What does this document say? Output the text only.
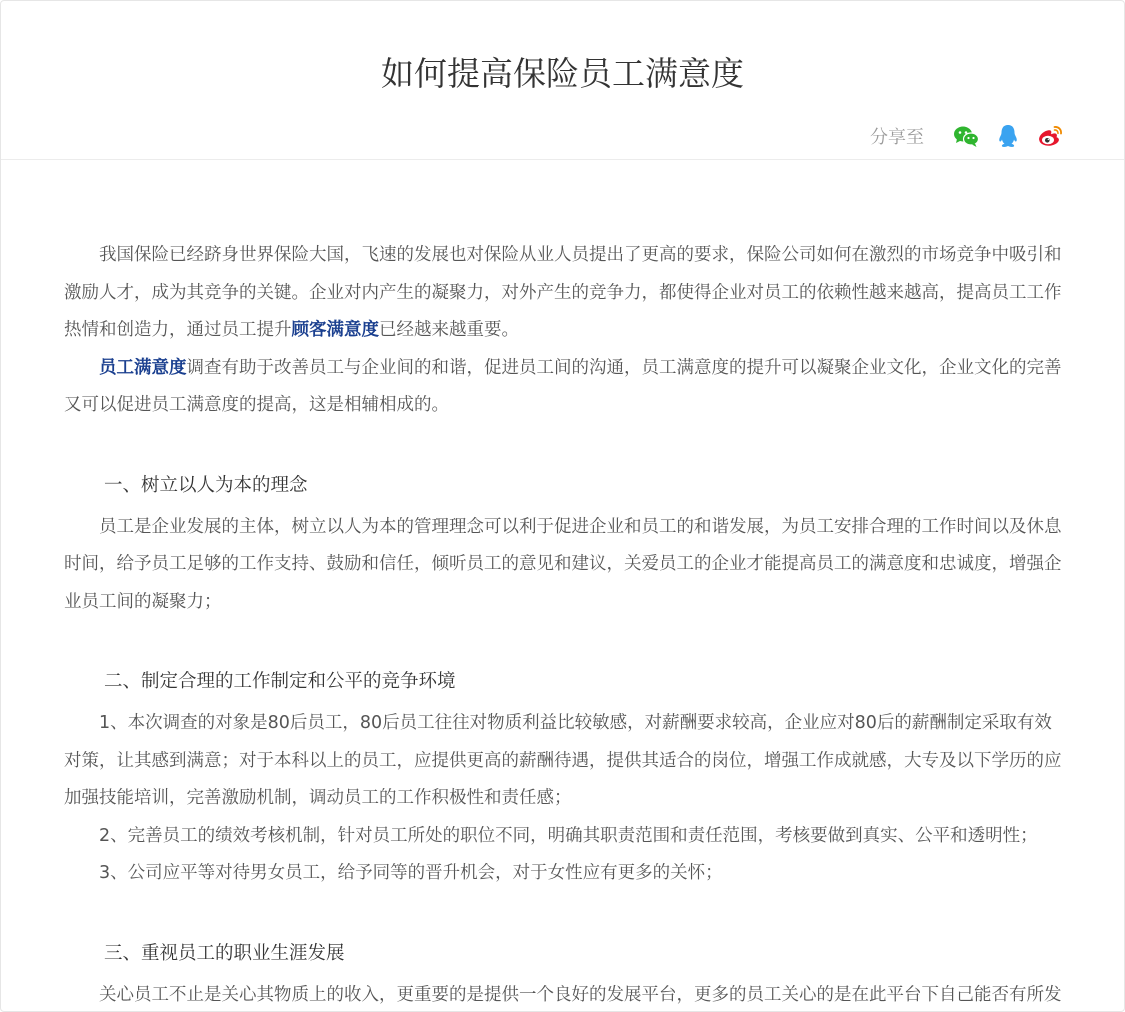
如何提高保险员工满意度
分享至

我国保险已经跻身世界保险大国，飞速的发展也对保险从业人员提出了更高的要求，保险公司如何在激烈的市场竞争中吸引和激励人才，成为其竞争的关键。企业对内产生的凝聚力，对外产生的竞争力，都使得企业对员工的依赖性越来越高，提高员工工作热情和创造力，通过员工提升顾客满意度已经越来越重要。

员工满意度调查有助于改善员工与企业间的和谐，促进员工间的沟通，员工满意度的提升可以凝聚企业文化，企业文化的完善又可以促进员工满意度的提高，这是相辅相成的。

一、树立以人为本的理念

员工是企业发展的主体，树立以人为本的管理理念可以利于促进企业和员工的和谐发展，为员工安排合理的工作时间以及休息时间，给予员工足够的工作支持、鼓励和信任，倾听员工的意见和建议，关爱员工的企业才能提高员工的满意度和忠诚度，增强企业员工间的凝聚力；

二、制定合理的工作制定和公平的竞争环境

1、本次调查的对象是80后员工，80后员工往往对物质利益比较敏感，对薪酬要求较高，企业应对80后的薪酬制定采取有效对策，让其感到满意；对于本科以上的员工，应提供更高的薪酬待遇，提供其适合的岗位，增强工作成就感，大专及以下学历的应加强技能培训，完善激励机制，调动员工的工作积极性和责任感；

2、完善员工的绩效考核机制，针对员工所处的职位不同，明确其职责范围和责任范围，考核要做到真实、公平和透明性；

3、公司应平等对待男女员工，给予同等的晋升机会，对于女性应有更多的关怀；

三、重视员工的职业生涯发展

关心员工不止是关心其物质上的收入，更重要的是提供一个良好的发展平台，更多的员工关心的是在此平台下自己能否有所发
